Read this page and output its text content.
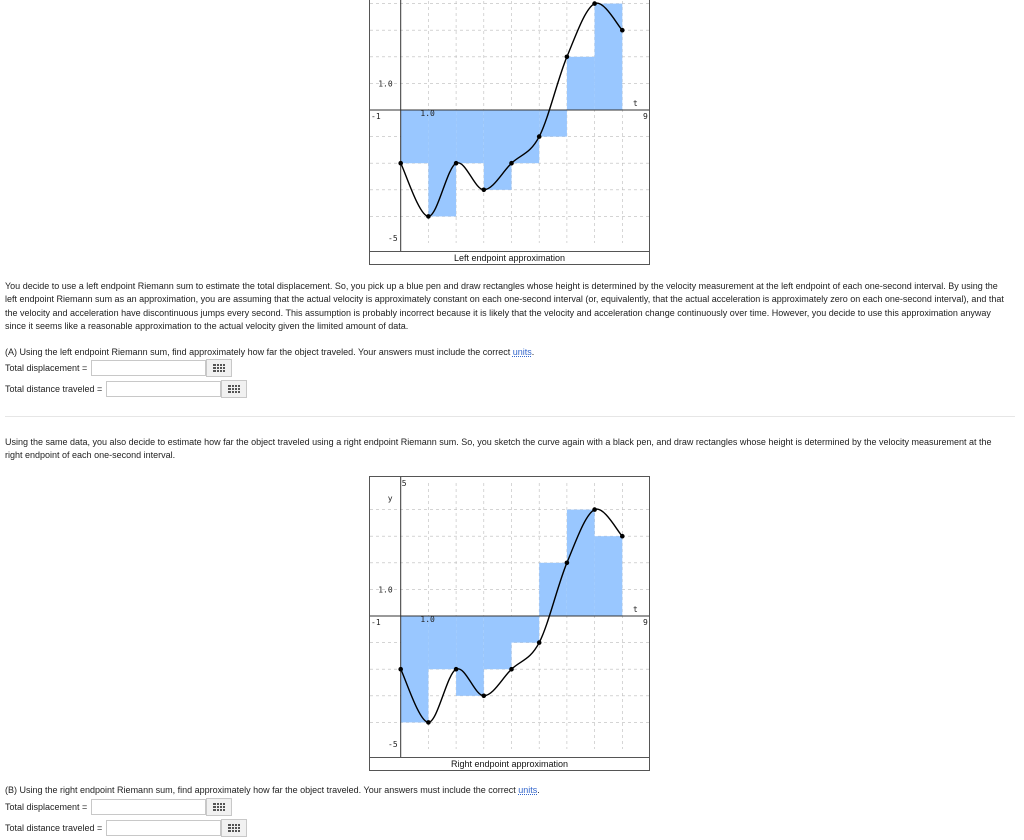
t
9
-1
-5
1.0
1.0
Left endpoint approximation
You decide to use a left endpoint Riemann sum to estimate the total displacement. So, you pick up a blue pen and draw rectangles whose height is determined by the velocity measurement at the left endpoint of each one-second interval. By using the left endpoint Riemann sum as an approximation, you are assuming that the actual velocity is approximately constant on each one-second interval (or, equivalently, that the actual acceleration is approximately zero on each one-second interval), and that the velocity and acceleration have discontinuous jumps every second. This assumption is probably incorrect because it is likely that the velocity and acceleration change continuously over time. However, you decide to use this approximation anyway since it seems like a reasonable approximation to the actual velocity given the limited amount of data.
(A) Using the left endpoint Riemann sum, find approximately how far the object traveled. Your answers must include the correct units.
Total displacement =
Total distance traveled =
Using the same data, you also decide to estimate how far the object traveled using a right endpoint Riemann sum. So, you sketch the curve again with a black pen, and draw rectangles whose height is determined by the velocity measurement at the right endpoint of each one-second interval.
t
9
-1
-5
1.0
1.0
5
y
Right endpoint approximation
(B) Using the right endpoint Riemann sum, find approximately how far the object traveled. Your answers must include the correct units.
Total displacement =
Total distance traveled =
